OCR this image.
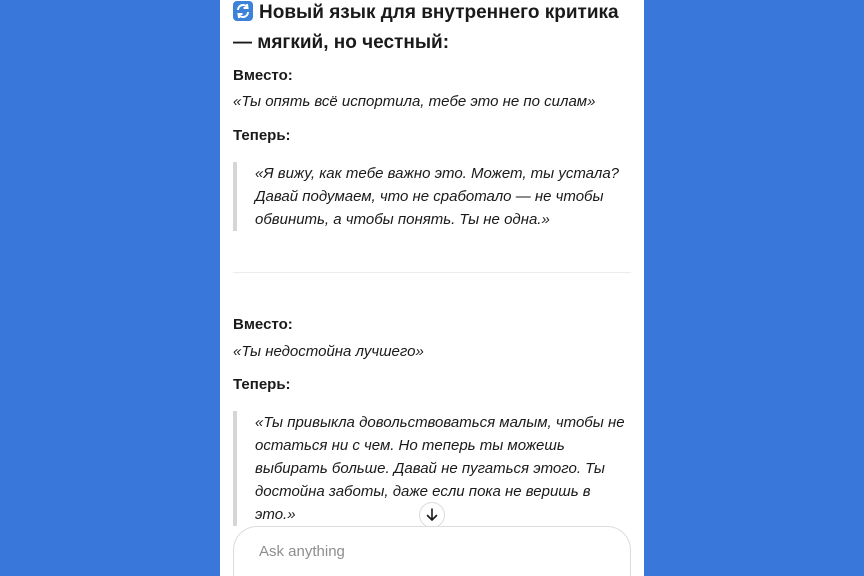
Новый язык для внутреннего критика — мягкий, но честный:
Вместо:
«Ты опять всё испортила, тебе это не по силам»
Теперь:
«Я вижу, как тебе важно это. Может, ты устала? Давай подумаем, что не сработало — не чтобы обвинить, а чтобы понять. Ты не одна.»
Вместо:
«Ты недостойна лучшего»
Теперь:
«Ты привыкла довольствоваться малым, чтобы не остаться ни с чем. Но теперь ты можешь выбирать больше. Давай не пугаться этого. Ты достойна заботы, даже если пока не веришь в это.»
Ask anything
